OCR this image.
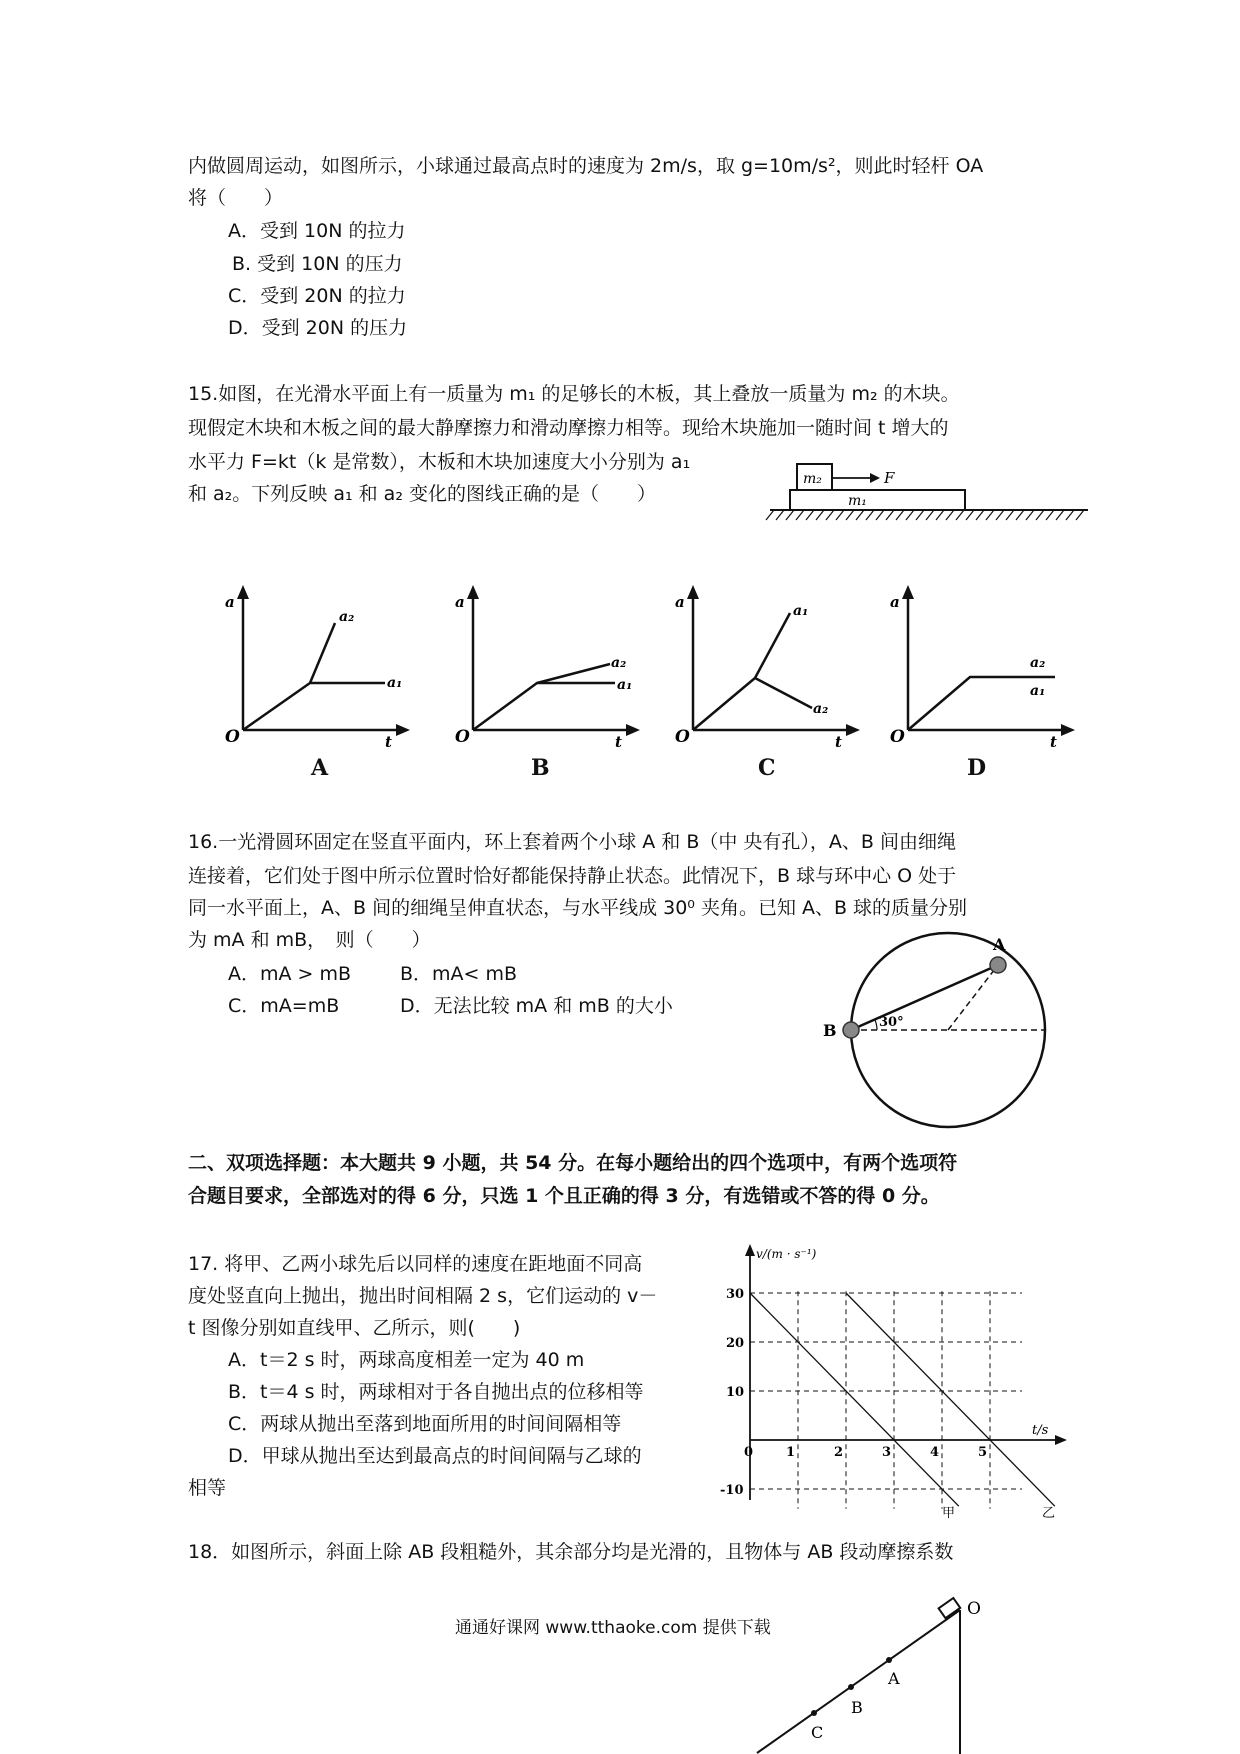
内做圆周运动，如图所示，小球通过最高点时的速度为 2m/s，取 g=10m/s²，则此时轻杆 OA
将（　　）
A．受到 10N 的拉力
B. 受到 10N 的压力
C．受到 20N 的拉力
D．受到 20N 的压力
15.如图，在光滑水平面上有一质量为 m₁ 的足够长的木板，其上叠放一质量为 m₂ 的木块。
现假定木块和木板之间的最大静摩擦力和滑动摩擦力相等。现给木块施加一随时间 t 增大的
水平力 F=kt（k 是常数），木板和木块加速度大小分别为 a₁
和 a₂。下列反映 a₁ 和 a₂ 变化的图线正确的是（　　）
m₂	F
m₁
a
O	t
a₂
a₁
A
a
O	t
a₂
a₁
B
a
O	t
a₁
a₂
C
a
O	t
a₂
a₁
D
16.一光滑圆环固定在竖直平面内，环上套着两个小球 A 和 B（中 央有孔），A、B 间由细绳
连接着，它们处于图中所示位置时恰好都能保持静止状态。此情况下，B 球与环中心 O 处于
同一水平面上，A、B 间的细绳呈伸直状态，与水平线成 30⁰ 夹角。已知 A、B 球的质量分别
为 mA 和 mB，　则（　　）
A．mA > mB	B．mA< mB
C．mA=mB	D．无法比较 mA 和 mB 的大小
A
B	30°
二、双项选择题：本大题共 9 小题，共 54 分。在每小题给出的四个选项中，有两个选项符
合题目要求，全部选对的得 6 分，只选 1 个且正确的得 3 分，有选错或不答的得 0 分。
17. 将甲、乙两小球先后以同样的速度在距地面不同高
度处竖直向上抛出，抛出时间相隔 2 s，它们运动的 v－
t 图像分别如直线甲、乙所示，则(　　)
A．t＝2 s 时，两球高度相差一定为 40 m
B．t＝4 s 时，两球相对于各自抛出点的位移相等
C．两球从抛出至落到地面所用的时间间隔相等
D．甲球从抛出至达到最高点的时间间隔与乙球的
相等
v/(m · s⁻¹)
t/s
0	1	2	3	4	5
30
20
10
-10
甲	乙
18．如图所示，斜面上除 AB 段粗糙外，其余部分均是光滑的，且物体与 AB 段动摩擦系数
O
A
B
C
通通好课网 www.tthaoke.com 提供下载
